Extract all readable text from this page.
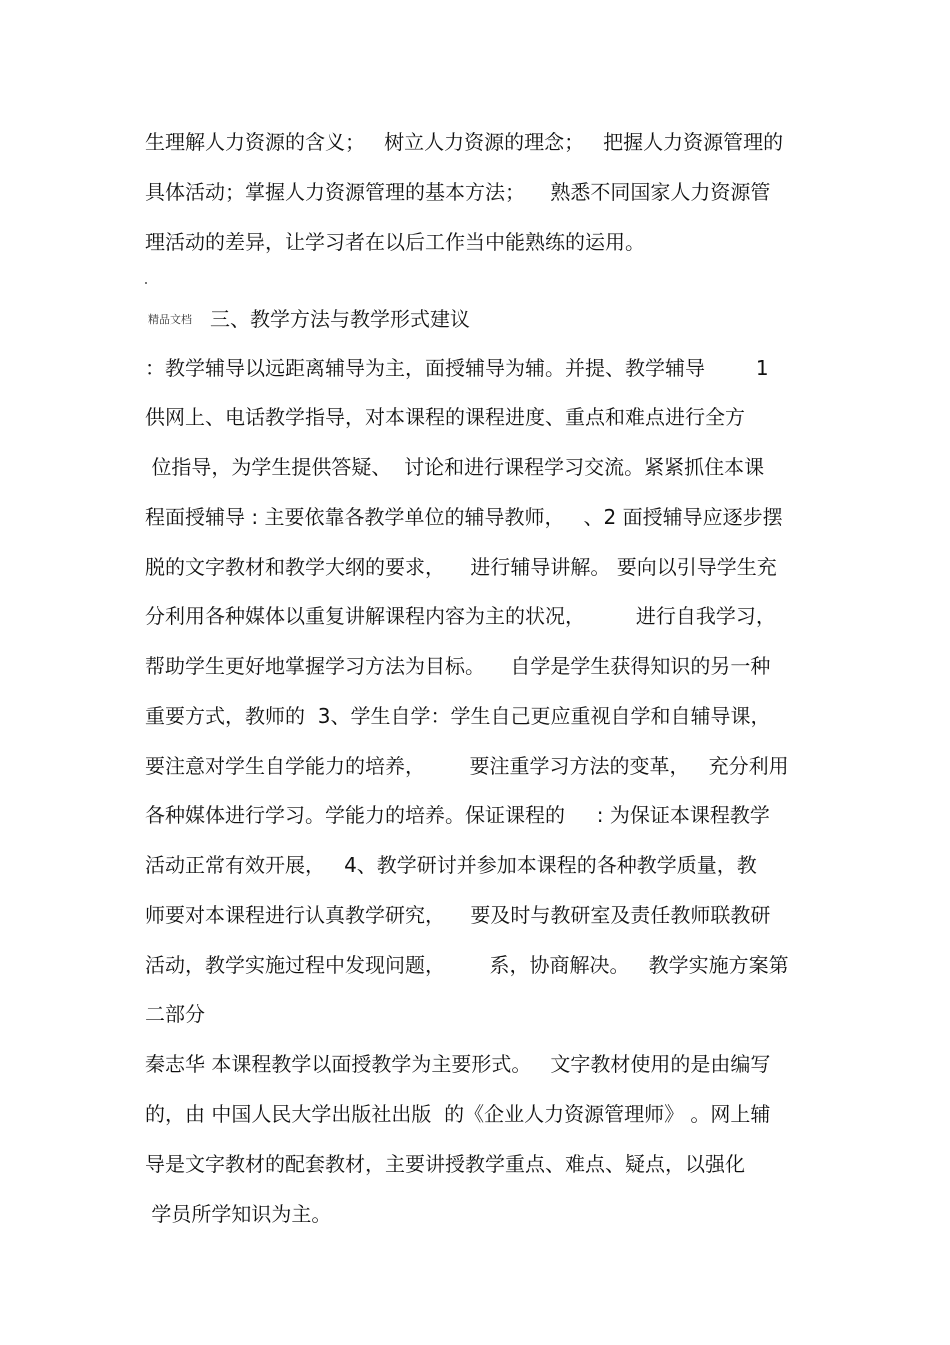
生理解人力资源的含义；   树立人力资源的理念；   把握人力资源管理的

具体活动；掌握人力资源管理的基本方法；    熟悉不同国家人力资源管

理活动的差异，让学习者在以后工作当中能熟练的运用。

精品文档 三、教学方法与教学形式建议

：教学辅导以远距离辅导为主，面授辅导为辅。并提、教学辅导        1

供网上、电话教学指导，对本课程的课程进度、重点和难点进行全方

位指导，为学生提供答疑、  讨论和进行课程学习交流。紧紧抓住本课

程面授辅导 : 主要依靠各教学单位的辅导教师，   、2 面授辅导应逐步摆

脱的文字教材和教学大纲的要求，    进行辅导讲解。 要向以引导学生充

分利用各种媒体以重复讲解课程内容为主的状况，        进行自我学习，

帮助学生更好地掌握学习方法为目标。    自学是学生获得知识的另一种

重要方式，教师的  3、学生自学：学生自己更应重视自学和自辅导课，

要注意对学生自学能力的培养，       要注重学习方法的变革，   充分利用

各种媒体进行学习。学能力的培养。保证课程的     : 为保证本课程教学

活动正常有效开展，   4、教学研讨并参加本课程的各种教学质量，教

师要对本课程进行认真教学研究，    要及时与教研室及责任教师联教研

活动，教学实施过程中发现问题，       系，协商解决。   教学实施方案第

二部分

秦志华 本课程教学以面授教学为主要形式。   文字教材使用的是由编写

的，由 中国人民大学出版社出版  的《企业人力资源管理师》 。网上辅

导是文字教材的配套教材，主要讲授教学重点、难点、疑点，以强化

学员所学知识为主。
